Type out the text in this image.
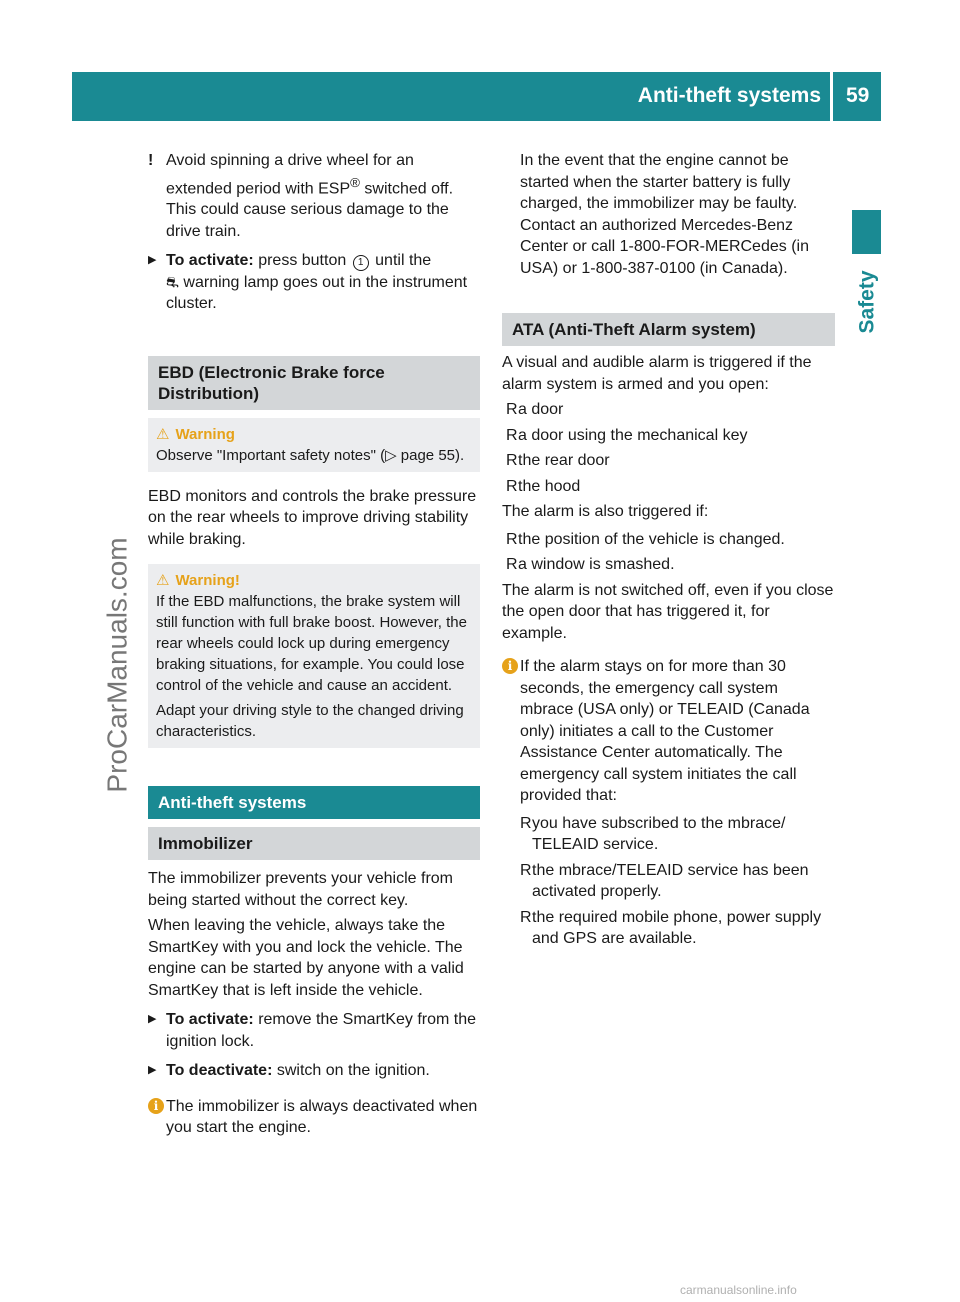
Anti-theft systems 59
Safety
ProCarManuals.com
carmanualsonline.info
! Avoid spinning a drive wheel for an extended period with ESP® switched off. This could cause serious damage to the drive train.

▶ To activate: press button 1 until the
⛐ warning lamp goes out in the instrument cluster.

EBD (Electronic Brake force Distribution)
⚠ Warning

Observe "Important safety notes" (▷ page 55).

EBD monitors and controls the brake pressure on the rear wheels to improve driving stability while braking.

⚠ Warning!

If the EBD malfunctions, the brake system will still function with full brake boost. However, the rear wheels could lock up during emergency braking situations, for example. You could lose control of the vehicle and cause an accident.

Adapt your driving style to the changed driving characteristics.

Anti-theft systems
Immobilizer

The immobilizer prevents your vehicle from being started without the correct key.

When leaving the vehicle, always take the SmartKey with you and lock the vehicle. The engine can be started by anyone with a valid SmartKey that is left inside the vehicle.

▶ To activate: remove the SmartKey from the ignition lock.

▶ To deactivate: switch on the ignition.

i The immobilizer is always deactivated when you start the engine.

In the event that the engine cannot be started when the starter battery is fully charged, the immobilizer may be faulty. Contact an authorized Mercedes-Benz Center or call 1-800-FOR-MERCedes (in USA) or 1-800-387-0100 (in Canada).

ATA (Anti-Theft Alarm system)

A visual and audible alarm is triggered if the alarm system is armed and you open:

R a door
R a door using the mechanical key
R the rear door
R the hood

The alarm is also triggered if:

R the position of the vehicle is changed.
R a window is smashed.

The alarm is not switched off, even if you close the open door that has triggered it, for example.

i If the alarm stays on for more than 30 seconds, the emergency call system mbrace (USA only) or TELEAID (Canada only) initiates a call to the Customer Assistance Center automatically. The emergency call system initiates the call provided that:

R you have subscribed to the mbrace/ TELEAID service.
R the mbrace/TELEAID service has been activated properly.
R the required mobile phone, power supply and GPS are available.
